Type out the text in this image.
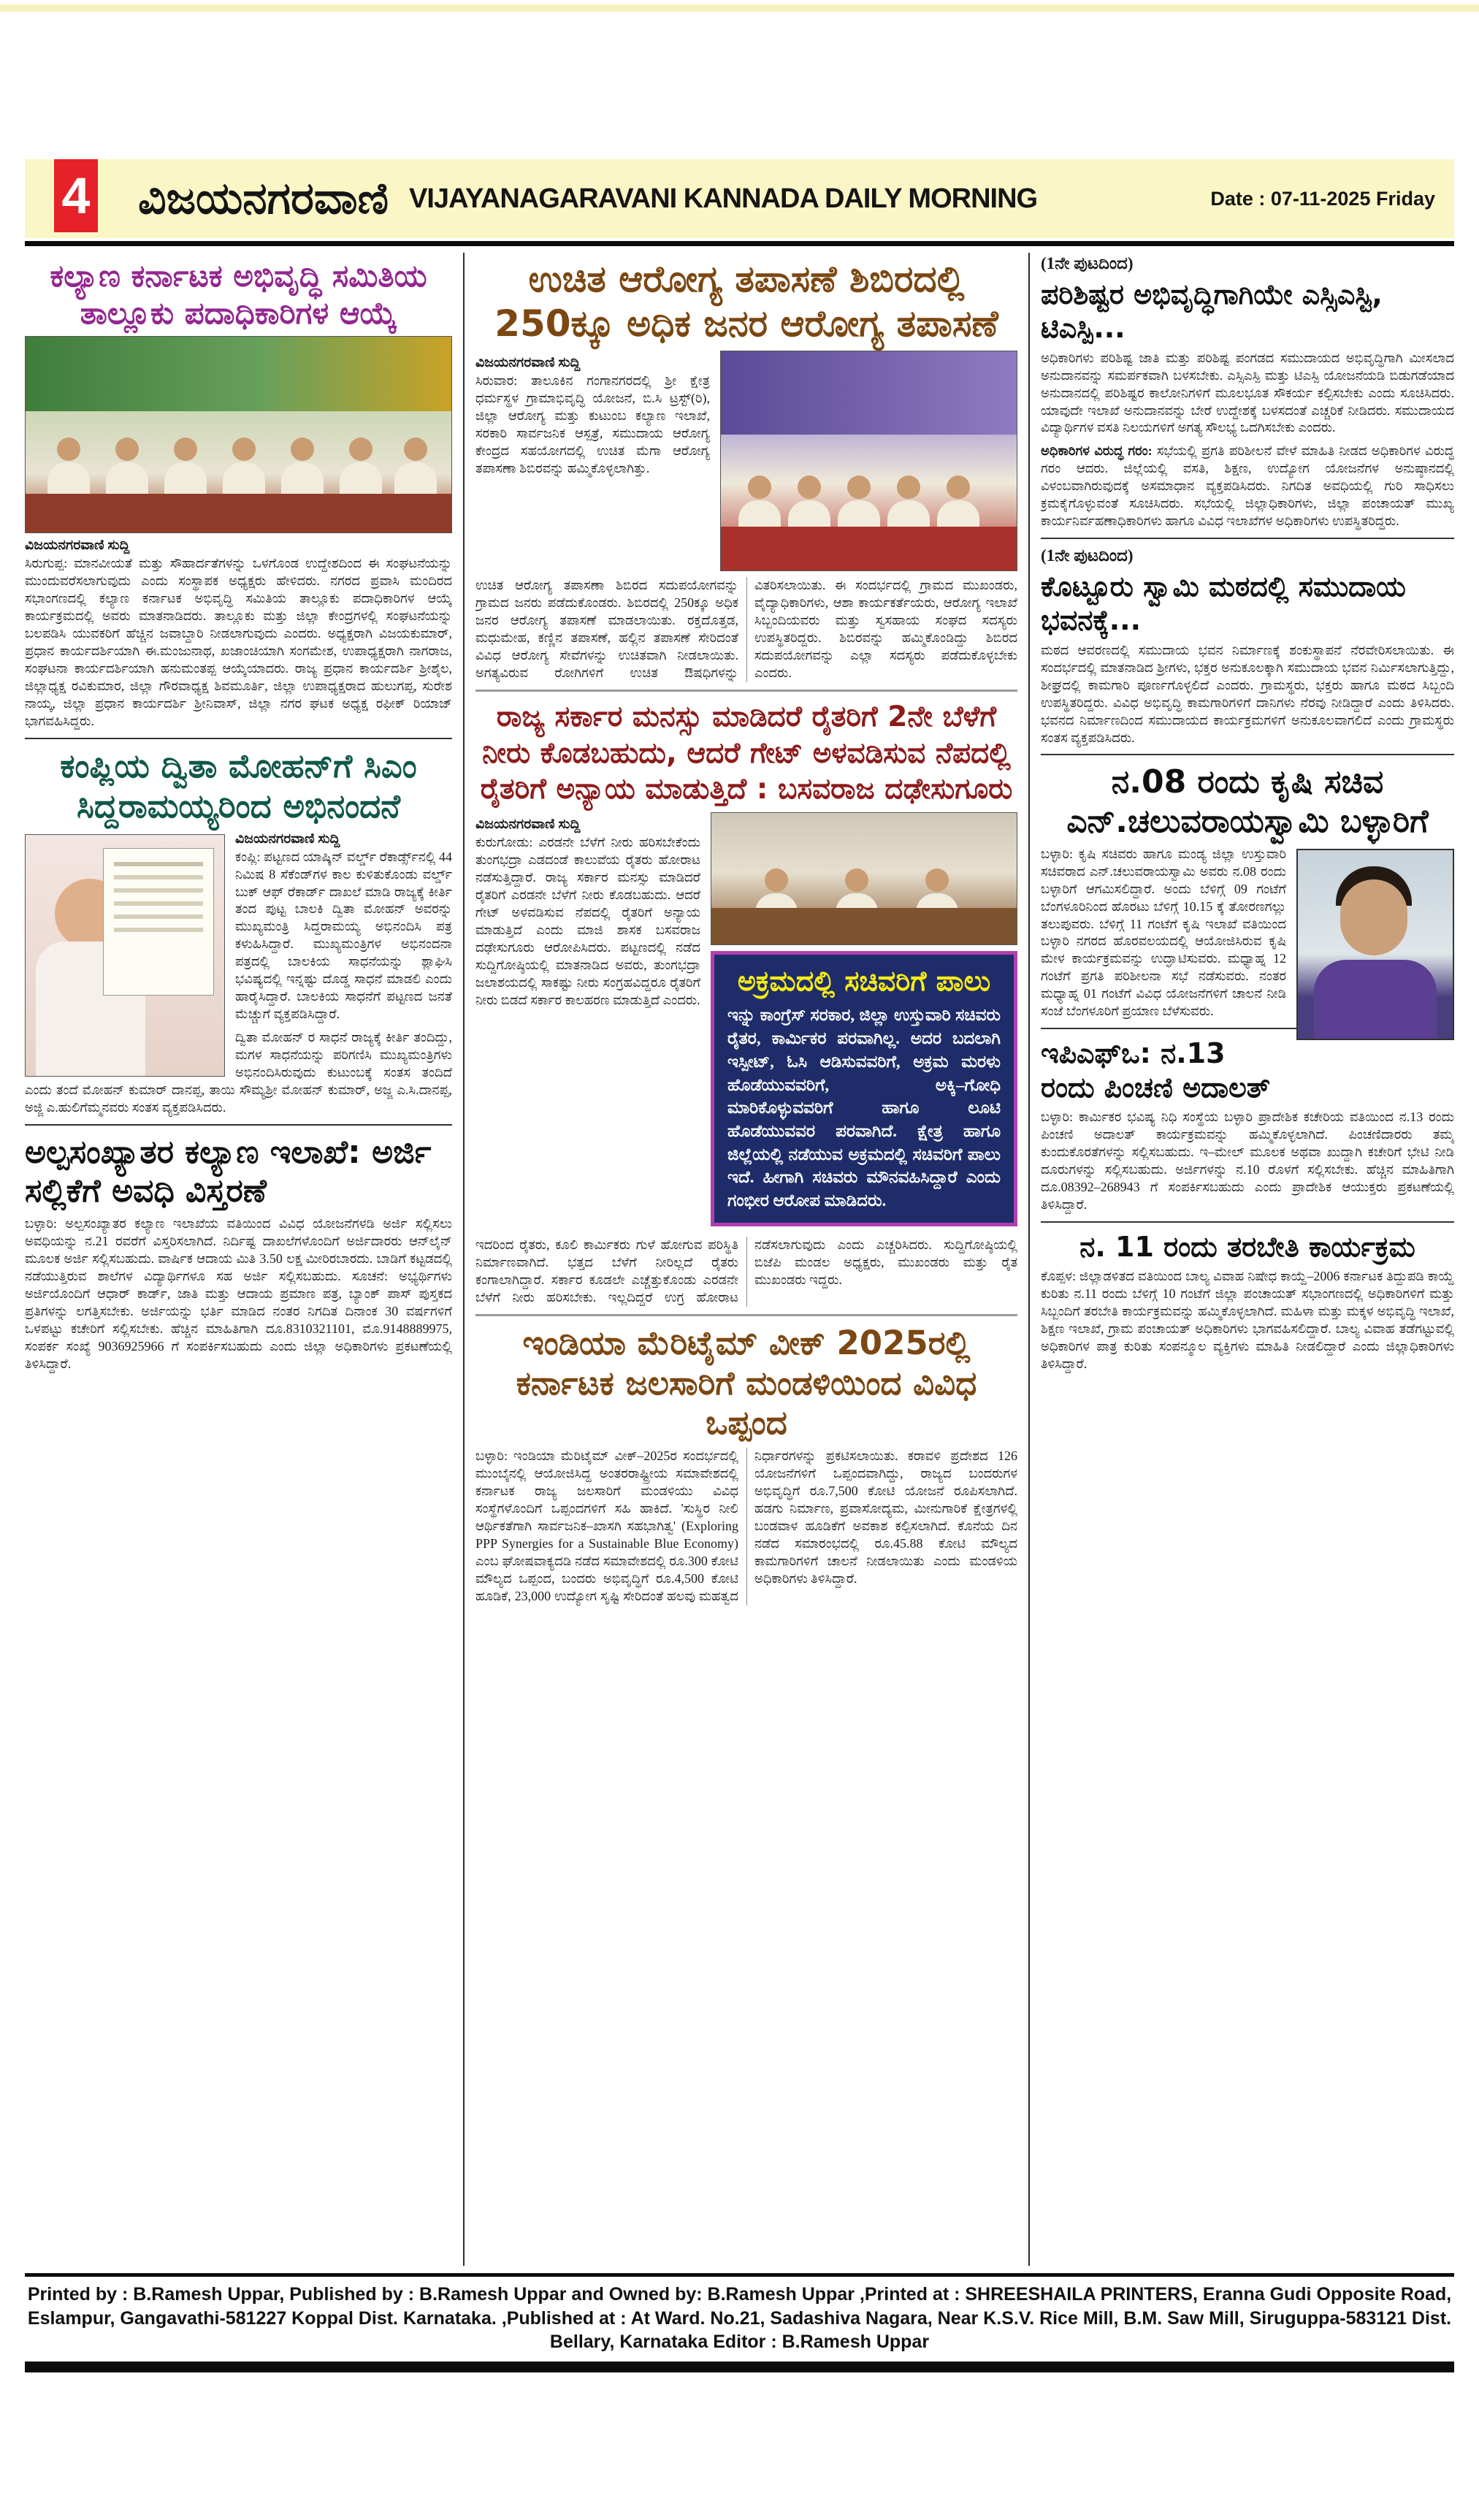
4 ವಿಜಯನಗರವಾಣಿ VIJAYANAGARAVANI KANNADA DAILY MORNING	Date : 07-11-2025 Friday
ಕಲ್ಯಾಣ ಕರ್ನಾಟಕ ಅಭಿವೃದ್ಧಿ ಸಮಿತಿಯ ತಾಲ್ಲೂಕು ಪದಾಧಿಕಾರಿಗಳ ಆಯ್ಕೆ
ವಿಜಯನಗರವಾಣಿ ಸುದ್ದಿ
ಸಿರುಗುಪ್ಪ: ಮಾನವೀಯತೆ ಮತ್ತು ಸೌಹಾರ್ದತೆಗಳನ್ನು ಒಳಗೊಂಡ ಉದ್ದೇಶದಿಂದ ಈ ಸಂಘಟನೆಯನ್ನು ಮುಂದುವರೆಸಲಾಗುವುದು ಎಂದು ಸಂಸ್ಥಾಪಕ ಅಧ್ಯಕ್ಷರು ಹೇಳಿದರು. ನಗರದ ಪ್ರವಾಸಿ ಮಂದಿರದ ಸಭಾಂಗಣದಲ್ಲಿ ಕಲ್ಯಾಣ ಕರ್ನಾಟಕ ಅಭಿವೃದ್ಧಿ ಸಮಿತಿಯ ತಾಲ್ಲೂಕು ಪದಾಧಿಕಾರಿಗಳ ಆಯ್ಕೆ ಕಾರ್ಯಕ್ರಮದಲ್ಲಿ ಅವರು ಮಾತನಾಡಿದರು. ತಾಲ್ಲೂಕು ಮತ್ತು ಜಿಲ್ಲಾ ಕೇಂದ್ರಗಳಲ್ಲಿ ಸಂಘಟನೆಯನ್ನು ಬಲಪಡಿಸಿ ಯುವಕರಿಗೆ ಹೆಚ್ಚಿನ ಜವಾಬ್ದಾರಿ ನೀಡಲಾಗುವುದು ಎಂದರು. ಅಧ್ಯಕ್ಷರಾಗಿ ವಿಜಯಕುಮಾರ್, ಪ್ರಧಾನ ಕಾರ್ಯದರ್ಶಿಯಾಗಿ ಈ.ಮಂಜುನಾಥ, ಖಜಾಂಚಿಯಾಗಿ ಸಂಗಮೇಶ, ಉಪಾಧ್ಯಕ್ಷರಾಗಿ ನಾಗರಾಜ, ಸಂಘಟನಾ ಕಾರ್ಯದರ್ಶಿಯಾಗಿ ಹನುಮಂತಪ್ಪ ಆಯ್ಕೆಯಾದರು. ರಾಜ್ಯ ಪ್ರಧಾನ ಕಾರ್ಯದರ್ಶಿ ಶ್ರೀಶೈಲ, ಜಿಲ್ಲಾಧ್ಯಕ್ಷ ರವಿಕುಮಾರ, ಜಿಲ್ಲಾ ಗೌರವಾಧ್ಯಕ್ಷ ಶಿವಮೂರ್ತಿ, ಜಿಲ್ಲಾ ಉಪಾಧ್ಯಕ್ಷರಾದ ಹುಲುಗಪ್ಪ, ಸುರೇಶ ನಾಯ್ಕ, ಜಿಲ್ಲಾ ಪ್ರಧಾನ ಕಾರ್ಯದರ್ಶಿ ಶ್ರೀನಿವಾಸ್, ಜಿಲ್ಲಾ ನಗರ ಘಟಕ ಅಧ್ಯಕ್ಷ ರಫೀಕ್ ರಿಯಾಜ್ ಭಾಗವಹಿಸಿದ್ದರು.
ಕಂಪ್ಲಿಯ ದ್ವಿತಾ ಮೋಹನ್‌ಗೆ ಸಿಎಂ ಸಿದ್ದರಾಮಯ್ಯರಿಂದ ಅಭಿನಂದನೆ
ವಿಜಯನಗರವಾಣಿ ಸುದ್ದಿ
ಕಂಪ್ಲಿ: ಪಟ್ಟಣದ ಯಾಷ್ಕಿನ್ ವರ್ಲ್ಡ್ ರೆಕಾರ್ಡ್ಸ್‌ನಲ್ಲಿ 44 ನಿಮಿಷ 8 ಸೆಕೆಂಡ್‌ಗಳ ಕಾಲ ಕುಳಿತುಕೊಂಡು ವರ್ಲ್ಡ್ ಬುಕ್ ಆಫ್ ರೆಕಾರ್ಡ್ ದಾಖಲೆ ಮಾಡಿ ರಾಜ್ಯಕ್ಕೆ ಕೀರ್ತಿ ತಂದ ಪುಟ್ಟ ಬಾಲಕಿ ದ್ವಿತಾ ಮೋಹನ್ ಅವರನ್ನು ಮುಖ್ಯಮಂತ್ರಿ ಸಿದ್ದರಾಮಯ್ಯ ಅಭಿನಂದಿಸಿ ಪತ್ರ ಕಳುಹಿಸಿದ್ದಾರೆ. ಮುಖ್ಯಮಂತ್ರಿಗಳ ಅಭಿನಂದನಾ ಪತ್ರದಲ್ಲಿ ಬಾಲಕಿಯ ಸಾಧನೆಯನ್ನು ಶ್ಲಾಘಿಸಿ ಭವಿಷ್ಯದಲ್ಲಿ ಇನ್ನಷ್ಟು ದೊಡ್ಡ ಸಾಧನೆ ಮಾಡಲಿ ಎಂದು ಹಾರೈಸಿದ್ದಾರೆ. ಬಾಲಕಿಯ ಸಾಧನೆಗೆ ಪಟ್ಟಣದ ಜನತೆ ಮೆಚ್ಚುಗೆ ವ್ಯಕ್ತಪಡಿಸಿದ್ದಾರೆ.
ದ್ವಿತಾ ಮೋಹನ್ ರ ಸಾಧನೆ ರಾಜ್ಯಕ್ಕೆ ಕೀರ್ತಿ ತಂದಿದ್ದು, ಮಗಳ ಸಾಧನೆಯನ್ನು ಪರಿಗಣಿಸಿ ಮುಖ್ಯಮಂತ್ರಿಗಳು ಅಭಿನಂದಿಸಿರುವುದು ಕುಟುಂಬಕ್ಕೆ ಸಂತಸ ತಂದಿದೆ ಎಂದು ತಂದೆ ಮೋಹನ್ ಕುಮಾರ್ ದಾನಪ್ಪ, ತಾಯಿ ಸೌಮ್ಯಶ್ರೀ ಮೋಹನ್ ಕುಮಾರ್, ಅಜ್ಜ ಎ.ಸಿ.ದಾನಪ್ಪ, ಅಜ್ಜಿ ಎ.ಹುಲಿಗೆಮ್ಮನವರು ಸಂತಸ ವ್ಯಕ್ತಪಡಿಸಿದರು.
ಅಲ್ಪಸಂಖ್ಯಾತರ ಕಲ್ಯಾಣ ಇಲಾಖೆ: ಅರ್ಜಿ ಸಲ್ಲಿಕೆಗೆ ಅವಧಿ ವಿಸ್ತರಣೆ
ಬಳ್ಳಾರಿ: ಅಲ್ಪಸಂಖ್ಯಾತರ ಕಲ್ಯಾಣ ಇಲಾಖೆಯ ವತಿಯಿಂದ ವಿವಿಧ ಯೋಜನೆಗಳಡಿ ಅರ್ಜಿ ಸಲ್ಲಿಸಲು ಅವಧಿಯನ್ನು ನ.21 ರವರೆಗೆ ವಿಸ್ತರಿಸಲಾಗಿದೆ. ನಿರ್ದಿಷ್ಟ ದಾಖಲೆಗಳೊಂದಿಗೆ ಅರ್ಜಿದಾರರು ಆನ್‌ಲೈನ್ ಮೂಲಕ ಅರ್ಜಿ ಸಲ್ಲಿಸಬಹುದು. ವಾರ್ಷಿಕ ಆದಾಯ ಮಿತಿ 3.50 ಲಕ್ಷ ಮೀರಿರಬಾರದು. ಬಾಡಿಗೆ ಕಟ್ಟಡದಲ್ಲಿ ನಡೆಯುತ್ತಿರುವ ಶಾಲೆಗಳ ವಿದ್ಯಾರ್ಥಿಗಳೂ ಸಹ ಅರ್ಜಿ ಸಲ್ಲಿಸಬಹುದು. ಸೂಚನೆ: ಅಭ್ಯರ್ಥಿಗಳು ಅರ್ಜಿಯೊಂದಿಗೆ ಆಧಾರ್ ಕಾರ್ಡ್, ಜಾತಿ ಮತ್ತು ಆದಾಯ ಪ್ರಮಾಣ ಪತ್ರ, ಬ್ಯಾಂಕ್ ಪಾಸ್ ಪುಸ್ತಕದ ಪ್ರತಿಗಳನ್ನು ಲಗತ್ತಿಸಬೇಕು. ಅರ್ಜಿಯನ್ನು ಭರ್ತಿ ಮಾಡಿದ ನಂತರ ನಿಗದಿತ ದಿನಾಂಕ 30 ವರ್ಷಗಳಿಗೆ ಒಳಪಟ್ಟು ಕಚೇರಿಗೆ ಸಲ್ಲಿಸಬೇಕು. ಹೆಚ್ಚಿನ ಮಾಹಿತಿಗಾಗಿ ದೂ.8310321101, ಮೊ.9148889975, ಸಂಪರ್ಕ ಸಂಖ್ಯೆ 9036925966 ಗೆ ಸಂಪರ್ಕಿಸಬಹುದು ಎಂದು ಜಿಲ್ಲಾ ಅಧಿಕಾರಿಗಳು ಪ್ರಕಟಣೆಯಲ್ಲಿ ತಿಳಿಸಿದ್ದಾರೆ.
ಉಚಿತ ಆರೋಗ್ಯ ತಪಾಸಣೆ ಶಿಬಿರದಲ್ಲಿ 250ಕ್ಕೂ ಅಧಿಕ ಜನರ ಆರೋಗ್ಯ ತಪಾಸಣೆ
ವಿಜಯನಗರವಾಣಿ ಸುದ್ದಿ
ಸಿರುವಾರ: ತಾಲೂಕಿನ ಗಂಗಾನಗರದಲ್ಲಿ ಶ್ರೀ ಕ್ಷೇತ್ರ ಧರ್ಮಸ್ಥಳ ಗ್ರಾಮಾಭಿವೃದ್ಧಿ ಯೋಜನೆ, ಬಿ.ಸಿ ಟ್ರಸ್ಟ್(ರಿ), ಜಿಲ್ಲಾ ಆರೋಗ್ಯ ಮತ್ತು ಕುಟುಂಬ ಕಲ್ಯಾಣ ಇಲಾಖೆ, ಸರಕಾರಿ ಸಾರ್ವಜನಿಕ ಆಸ್ಪತ್ರೆ, ಸಮುದಾಯ ಆರೋಗ್ಯ ಕೇಂದ್ರದ ಸಹಯೋಗದಲ್ಲಿ ಉಚಿತ ಮೆಗಾ ಆರೋಗ್ಯ ತಪಾಸಣಾ ಶಿಬಿರವನ್ನು ಹಮ್ಮಿಕೊಳ್ಳಲಾಗಿತ್ತು.
ಉಚಿತ ಆರೋಗ್ಯ ತಪಾಸಣಾ ಶಿಬಿರದ ಸದುಪಯೋಗವನ್ನು ಗ್ರಾಮದ ಜನರು ಪಡೆದುಕೊಂಡರು. ಶಿಬಿರದಲ್ಲಿ 250ಕ್ಕೂ ಅಧಿಕ ಜನರ ಆರೋಗ್ಯ ತಪಾಸಣೆ ಮಾಡಲಾಯಿತು. ರಕ್ತದೊತ್ತಡ, ಮಧುಮೇಹ, ಕಣ್ಣಿನ ತಪಾಸಣೆ, ಹಲ್ಲಿನ ತಪಾಸಣೆ ಸೇರಿದಂತೆ ವಿವಿಧ ಆರೋಗ್ಯ ಸೇವೆಗಳನ್ನು ಉಚಿತವಾಗಿ ನೀಡಲಾಯಿತು. ಅಗತ್ಯವಿರುವ ರೋಗಿಗಳಿಗೆ ಉಚಿತ ಔಷಧಿಗಳನ್ನು ವಿತರಿಸಲಾಯಿತು. ಈ ಸಂದರ್ಭದಲ್ಲಿ ಗ್ರಾಮದ ಮುಖಂಡರು, ವೈದ್ಯಾಧಿಕಾರಿಗಳು, ಆಶಾ ಕಾರ್ಯಕರ್ತೆಯರು, ಆರೋಗ್ಯ ಇಲಾಖೆ ಸಿಬ್ಬಂದಿಯವರು ಮತ್ತು ಸ್ವಸಹಾಯ ಸಂಘದ ಸದಸ್ಯರು ಉಪಸ್ಥಿತರಿದ್ದರು. ಶಿಬಿರವನ್ನು ಹಮ್ಮಿಕೊಂಡಿದ್ದು ಶಿಬಿರದ ಸದುಪಯೋಗವನ್ನು ಎಲ್ಲಾ ಸದಸ್ಯರು ಪಡೆದುಕೊಳ್ಳಬೇಕು ಎಂದರು.
ರಾಜ್ಯ ಸರ್ಕಾರ ಮನಸ್ಸು ಮಾಡಿದರೆ ರೈತರಿಗೆ 2ನೇ ಬೆಳೆಗೆ ನೀರು ಕೊಡಬಹುದು, ಆದರೆ ಗೇಟ್ ಅಳವಡಿಸುವ ನೆಪದಲ್ಲಿ ರೈತರಿಗೆ ಅನ್ಯಾಯ ಮಾಡುತ್ತಿದೆ : ಬಸವರಾಜ ದಢೇಸುಗೂರು
ವಿಜಯನಗರವಾಣಿ ಸುದ್ದಿ
ಕುರುಗೋಡು: ಎರಡನೇ ಬೆಳೆಗೆ ನೀರು ಹರಿಸಬೇಕೆಂದು ತುಂಗಭದ್ರಾ ಎಡದಂಡೆ ಕಾಲುವೆಯ ರೈತರು ಹೋರಾಟ ನಡೆಸುತ್ತಿದ್ದಾರೆ. ರಾಜ್ಯ ಸರ್ಕಾರ ಮನಸ್ಸು ಮಾಡಿದರೆ ರೈತರಿಗೆ ಎರಡನೇ ಬೆಳೆಗೆ ನೀರು ಕೊಡಬಹುದು. ಆದರೆ ಗೇಟ್ ಅಳವಡಿಸುವ ನೆಪದಲ್ಲಿ ರೈತರಿಗೆ ಅನ್ಯಾಯ ಮಾಡುತ್ತಿದೆ ಎಂದು ಮಾಜಿ ಶಾಸಕ ಬಸವರಾಜ ದಢೇಸುಗೂರು ಆರೋಪಿಸಿದರು. ಪಟ್ಟಣದಲ್ಲಿ ನಡೆದ ಸುದ್ದಿಗೋಷ್ಠಿಯಲ್ಲಿ ಮಾತನಾಡಿದ ಅವರು, ತುಂಗಭದ್ರಾ ಜಲಾಶಯದಲ್ಲಿ ಸಾಕಷ್ಟು ನೀರು ಸಂಗ್ರಹವಿದ್ದರೂ ರೈತರಿಗೆ ನೀರು ಬಿಡದೆ ಸರ್ಕಾರ ಕಾಲಹರಣ ಮಾಡುತ್ತಿದೆ ಎಂದರು.
ಅಕ್ರಮದಲ್ಲಿ ಸಚಿವರಿಗೆ ಪಾಲು
ಇನ್ನು ಕಾಂಗ್ರೆಸ್ ಸರಕಾರ, ಜಿಲ್ಲಾ ಉಸ್ತುವಾರಿ ಸಚಿವರು ರೈತರ, ಕಾರ್ಮಿಕರ ಪರವಾಗಿಲ್ಲ. ಅದರ ಬದಲಾಗಿ ಇಸ್ಪೀಟ್, ಓಸಿ ಆಡಿಸುವವರಿಗೆ, ಅಕ್ರಮ ಮರಳು ಹೊಡೆಯುವವರಿಗೆ, ಅಕ್ಕಿ–ಗೋಧಿ ಮಾರಿಕೊಳ್ಳುವವರಿಗೆ ಹಾಗೂ ಲೂಟಿ ಹೊಡೆಯುವವರ ಪರವಾಗಿದೆ. ಕ್ಷೇತ್ರ ಹಾಗೂ ಜಿಲ್ಲೆಯಲ್ಲಿ ನಡೆಯುವ ಅಕ್ರಮದಲ್ಲಿ ಸಚಿವರಿಗೆ ಪಾಲು ಇದೆ. ಹೀಗಾಗಿ ಸಚಿವರು ಮೌನವಹಿಸಿದ್ದಾರೆ ಎಂದು ಗಂಭೀರ ಆರೋಪ ಮಾಡಿದರು.
ಇದರಿಂದ ರೈತರು, ಕೂಲಿ ಕಾರ್ಮಿಕರು ಗುಳೆ ಹೋಗುವ ಪರಿಸ್ಥಿತಿ ನಿರ್ಮಾಣವಾಗಿದೆ. ಭತ್ತದ ಬೆಳೆಗೆ ನೀರಿಲ್ಲದೆ ರೈತರು ಕಂಗಾಲಾಗಿದ್ದಾರೆ. ಸರ್ಕಾರ ಕೂಡಲೇ ಎಚ್ಚೆತ್ತುಕೊಂಡು ಎರಡನೇ ಬೆಳೆಗೆ ನೀರು ಹರಿಸಬೇಕು. ಇಲ್ಲದಿದ್ದರೆ ಉಗ್ರ ಹೋರಾಟ ನಡೆಸಲಾಗುವುದು ಎಂದು ಎಚ್ಚರಿಸಿದರು. ಸುದ್ದಿಗೋಷ್ಠಿಯಲ್ಲಿ ಬಿಜೆಪಿ ಮಂಡಲ ಅಧ್ಯಕ್ಷರು, ಮುಖಂಡರು ಮತ್ತು ರೈತ ಮುಖಂಡರು ಇದ್ದರು.
ಇಂಡಿಯಾ ಮೆರಿಟೈಮ್ ವೀಕ್ 2025ರಲ್ಲಿ ಕರ್ನಾಟಕ ಜಲಸಾರಿಗೆ ಮಂಡಳಿಯಿಂದ ವಿವಿಧ ಒಪ್ಪಂದ
ಬಳ್ಳಾರಿ: ಇಂಡಿಯಾ ಮೆರಿಟೈಮ್ ವೀಕ್–2025ರ ಸಂದರ್ಭದಲ್ಲಿ ಮುಂಬೈನಲ್ಲಿ ಆಯೋಜಿಸಿದ್ದ ಅಂತರರಾಷ್ಟ್ರೀಯ ಸಮಾವೇಶದಲ್ಲಿ ಕರ್ನಾಟಕ ರಾಜ್ಯ ಜಲಸಾರಿಗೆ ಮಂಡಳಿಯು ವಿವಿಧ ಸಂಸ್ಥೆಗಳೊಂದಿಗೆ ಒಪ್ಪಂದಗಳಿಗೆ ಸಹಿ ಹಾಕಿದೆ. 'ಸುಸ್ಥಿರ ನೀಲಿ ಆರ್ಥಿಕತೆಗಾಗಿ ಸಾರ್ವಜನಿಕ–ಖಾಸಗಿ ಸಹಭಾಗಿತ್ವ' (Exploring PPP Synergies for a Sustainable Blue Economy) ಎಂಬ ಘೋಷವಾಕ್ಯದಡಿ ನಡೆದ ಸಮಾವೇಶದಲ್ಲಿ ರೂ.300 ಕೋಟಿ ಮೌಲ್ಯದ ಒಪ್ಪಂದ, ಬಂದರು ಅಭಿವೃದ್ಧಿಗೆ ರೂ.4,500 ಕೋಟಿ ಹೂಡಿಕೆ, 23,000 ಉದ್ಯೋಗ ಸೃಷ್ಟಿ ಸೇರಿದಂತೆ ಹಲವು ಮಹತ್ವದ ನಿರ್ಧಾರಗಳನ್ನು ಪ್ರಕಟಿಸಲಾಯಿತು. ಕರಾವಳಿ ಪ್ರದೇಶದ 126 ಯೋಜನೆಗಳಿಗೆ ಒಪ್ಪಂದವಾಗಿದ್ದು, ರಾಜ್ಯದ ಬಂದರುಗಳ ಅಭಿವೃದ್ಧಿಗೆ ರೂ.7,500 ಕೋಟಿ ಯೋಜನೆ ರೂಪಿಸಲಾಗಿದೆ. ಹಡಗು ನಿರ್ಮಾಣ, ಪ್ರವಾಸೋದ್ಯಮ, ಮೀನುಗಾರಿಕೆ ಕ್ಷೇತ್ರಗಳಲ್ಲಿ ಬಂಡವಾಳ ಹೂಡಿಕೆಗೆ ಅವಕಾಶ ಕಲ್ಪಿಸಲಾಗಿದೆ. ಕೊನೆಯ ದಿನ ನಡೆದ ಸಮಾರಂಭದಲ್ಲಿ ರೂ.45.88 ಕೋಟಿ ಮೌಲ್ಯದ ಕಾಮಗಾರಿಗಳಿಗೆ ಚಾಲನೆ ನೀಡಲಾಯಿತು ಎಂದು ಮಂಡಳಿಯ ಅಧಿಕಾರಿಗಳು ತಿಳಿಸಿದ್ದಾರೆ.
(1ನೇ ಪುಟದಿಂದ)
ಪರಿಶಿಷ್ಟರ ಅಭಿವೃದ್ಧಿಗಾಗಿಯೇ ಎಸ್ಸಿಎಸ್ಟಿ, ಟಿಎಸ್ಪಿ...
ಅಧಿಕಾರಿಗಳು ಪರಿಶಿಷ್ಟ ಜಾತಿ ಮತ್ತು ಪರಿಶಿಷ್ಟ ಪಂಗಡದ ಸಮುದಾಯದ ಅಭಿವೃದ್ಧಿಗಾಗಿ ಮೀಸಲಾದ ಅನುದಾನವನ್ನು ಸಮರ್ಪಕವಾಗಿ ಬಳಸಬೇಕು. ಎಸ್ಸಿಎಸ್ಪಿ ಮತ್ತು ಟಿಎಸ್ಪಿ ಯೋಜನೆಯಡಿ ಬಿಡುಗಡೆಯಾದ ಅನುದಾನದಲ್ಲಿ ಪರಿಶಿಷ್ಟರ ಕಾಲೋನಿಗಳಿಗೆ ಮೂಲಭೂತ ಸೌಕರ್ಯ ಕಲ್ಪಿಸಬೇಕು ಎಂದು ಸೂಚಿಸಿದರು. ಯಾವುದೇ ಇಲಾಖೆ ಅನುದಾನವನ್ನು ಬೇರೆ ಉದ್ದೇಶಕ್ಕೆ ಬಳಸದಂತೆ ಎಚ್ಚರಿಕೆ ನೀಡಿದರು. ಸಮುದಾಯದ ವಿದ್ಯಾರ್ಥಿಗಳ ವಸತಿ ನಿಲಯಗಳಿಗೆ ಅಗತ್ಯ ಸೌಲಭ್ಯ ಒದಗಿಸಬೇಕು ಎಂದರು.
ಅಧಿಕಾರಿಗಳ ವಿರುದ್ಧ ಗರಂ: ಸಭೆಯಲ್ಲಿ ಪ್ರಗತಿ ಪರಿಶೀಲನೆ ವೇಳೆ ಮಾಹಿತಿ ನೀಡದ ಅಧಿಕಾರಿಗಳ ವಿರುದ್ಧ ಗರಂ ಆದರು. ಜಿಲ್ಲೆಯಲ್ಲಿ ವಸತಿ, ಶಿಕ್ಷಣ, ಉದ್ಯೋಗ ಯೋಜನೆಗಳ ಅನುಷ್ಠಾನದಲ್ಲಿ ವಿಳಂಬವಾಗಿರುವುದಕ್ಕೆ ಅಸಮಾಧಾನ ವ್ಯಕ್ತಪಡಿಸಿದರು. ನಿಗದಿತ ಅವಧಿಯಲ್ಲಿ ಗುರಿ ಸಾಧಿಸಲು ಕ್ರಮಕೈಗೊಳ್ಳುವಂತೆ ಸೂಚಿಸಿದರು. ಸಭೆಯಲ್ಲಿ ಜಿಲ್ಲಾಧಿಕಾರಿಗಳು, ಜಿಲ್ಲಾ ಪಂಚಾಯತ್ ಮುಖ್ಯ ಕಾರ್ಯನಿರ್ವಹಣಾಧಿಕಾರಿಗಳು ಹಾಗೂ ವಿವಿಧ ಇಲಾಖೆಗಳ ಅಧಿಕಾರಿಗಳು ಉಪಸ್ಥಿತರಿದ್ದರು.
(1ನೇ ಪುಟದಿಂದ)
ಕೊಟ್ಟೂರು ಸ್ವಾಮಿ ಮಠದಲ್ಲಿ ಸಮುದಾಯ ಭವನಕ್ಕೆ...
ಮಠದ ಆವರಣದಲ್ಲಿ ಸಮುದಾಯ ಭವನ ನಿರ್ಮಾಣಕ್ಕೆ ಶಂಕುಸ್ಥಾಪನೆ ನೆರವೇರಿಸಲಾಯಿತು. ಈ ಸಂದರ್ಭದಲ್ಲಿ ಮಾತನಾಡಿದ ಶ್ರೀಗಳು, ಭಕ್ತರ ಅನುಕೂಲಕ್ಕಾಗಿ ಸಮುದಾಯ ಭವನ ನಿರ್ಮಿಸಲಾಗುತ್ತಿದ್ದು, ಶೀಘ್ರದಲ್ಲಿ ಕಾಮಗಾರಿ ಪೂರ್ಣಗೊಳ್ಳಲಿದೆ ಎಂದರು. ಗ್ರಾಮಸ್ಥರು, ಭಕ್ತರು ಹಾಗೂ ಮಠದ ಸಿಬ್ಬಂದಿ ಉಪಸ್ಥಿತರಿದ್ದರು. ವಿವಿಧ ಅಭಿವೃದ್ಧಿ ಕಾಮಗಾರಿಗಳಿಗೆ ದಾನಿಗಳು ನೆರವು ನೀಡಿದ್ದಾರೆ ಎಂದು ತಿಳಿಸಿದರು. ಭವನದ ನಿರ್ಮಾಣದಿಂದ ಸಮುದಾಯದ ಕಾರ್ಯಕ್ರಮಗಳಿಗೆ ಅನುಕೂಲವಾಗಲಿದೆ ಎಂದು ಗ್ರಾಮಸ್ಥರು ಸಂತಸ ವ್ಯಕ್ತಪಡಿಸಿದರು.
ನ.08 ರಂದು ಕೃಷಿ ಸಚಿವ ಎನ್.ಚಲುವರಾಯಸ್ವಾಮಿ ಬಳ್ಳಾರಿಗೆ
ಬಳ್ಳಾರಿ: ಕೃಷಿ ಸಚಿವರು ಹಾಗೂ ಮಂಡ್ಯ ಜಿಲ್ಲಾ ಉಸ್ತುವಾರಿ ಸಚಿವರಾದ ಎನ್.ಚಲುವರಾಯಸ್ವಾಮಿ ಅವರು ನ.08 ರಂದು ಬಳ್ಳಾರಿಗೆ ಆಗಮಿಸಲಿದ್ದಾರೆ. ಅಂದು ಬೆಳಿಗ್ಗೆ 09 ಗಂಟೆಗೆ ಬೆಂಗಳೂರಿನಿಂದ ಹೊರಟು ಬೆಳಿಗ್ಗೆ 10.15 ಕ್ಕೆ ತೋರಣಗಲ್ಲು ತಲುಪುವರು. ಬೆಳಿಗ್ಗೆ 11 ಗಂಟೆಗೆ ಕೃಷಿ ಇಲಾಖೆ ವತಿಯಿಂದ ಬಳ್ಳಾರಿ ನಗರದ ಹೊರವಲಯದಲ್ಲಿ ಆಯೋಜಿಸಿರುವ ಕೃಷಿ ಮೇಳ ಕಾರ್ಯಕ್ರಮವನ್ನು ಉದ್ಘಾಟಿಸುವರು. ಮಧ್ಯಾಹ್ನ 12 ಗಂಟೆಗೆ ಪ್ರಗತಿ ಪರಿಶೀಲನಾ ಸಭೆ ನಡೆಸುವರು. ನಂತರ ಮಧ್ಯಾಹ್ನ 01 ಗಂಟೆಗೆ ವಿವಿಧ ಯೋಜನೆಗಳಿಗೆ ಚಾಲನೆ ನೀಡಿ ಸಂಜೆ ಬೆಂಗಳೂರಿಗೆ ಪ್ರಯಾಣ ಬೆಳೆಸುವರು.
ಇಪಿಎಫ್ಒ: ನ.13 ರಂದು ಪಿಂಚಣಿ ಅದಾಲತ್
ಬಳ್ಳಾರಿ: ಕಾರ್ಮಿಕರ ಭವಿಷ್ಯ ನಿಧಿ ಸಂಸ್ಥೆಯ ಬಳ್ಳಾರಿ ಪ್ರಾದೇಶಿಕ ಕಚೇರಿಯ ವತಿಯಿಂದ ನ.13 ರಂದು ಪಿಂಚಣಿ ಅದಾಲತ್ ಕಾರ್ಯಕ್ರಮವನ್ನು ಹಮ್ಮಿಕೊಳ್ಳಲಾಗಿದೆ. ಪಿಂಚಣಿದಾರರು ತಮ್ಮ ಕುಂದುಕೊರತೆಗಳನ್ನು ಸಲ್ಲಿಸಬಹುದು. ಇ–ಮೇಲ್ ಮೂಲಕ ಅಥವಾ ಖುದ್ದಾಗಿ ಕಚೇರಿಗೆ ಭೇಟಿ ನೀಡಿ ದೂರುಗಳನ್ನು ಸಲ್ಲಿಸಬಹುದು. ಅರ್ಜಿಗಳನ್ನು ನ.10 ರೊಳಗೆ ಸಲ್ಲಿಸಬೇಕು. ಹೆಚ್ಚಿನ ಮಾಹಿತಿಗಾಗಿ ದೂ.08392–268943 ಗೆ ಸಂಪರ್ಕಿಸಬಹುದು ಎಂದು ಪ್ರಾದೇಶಿಕ ಆಯುಕ್ತರು ಪ್ರಕಟಣೆಯಲ್ಲಿ ತಿಳಿಸಿದ್ದಾರೆ.
ನ. 11 ರಂದು ತರಬೇತಿ ಕಾರ್ಯಕ್ರಮ
ಕೊಪ್ಪಳ: ಜಿಲ್ಲಾಡಳಿತದ ವತಿಯಿಂದ ಬಾಲ್ಯ ವಿವಾಹ ನಿಷೇಧ ಕಾಯ್ದೆ–2006 ಕರ್ನಾಟಕ ತಿದ್ದುಪಡಿ ಕಾಯ್ದೆ ಕುರಿತು ನ.11 ರಂದು ಬೆಳಿಗ್ಗೆ 10 ಗಂಟೆಗೆ ಜಿಲ್ಲಾ ಪಂಚಾಯತ್ ಸಭಾಂಗಣದಲ್ಲಿ ಅಧಿಕಾರಿಗಳಿಗೆ ಮತ್ತು ಸಿಬ್ಬಂದಿಗೆ ತರಬೇತಿ ಕಾರ್ಯಕ್ರಮವನ್ನು ಹಮ್ಮಿಕೊಳ್ಳಲಾಗಿದೆ. ಮಹಿಳಾ ಮತ್ತು ಮಕ್ಕಳ ಅಭಿವೃದ್ಧಿ ಇಲಾಖೆ, ಶಿಕ್ಷಣ ಇಲಾಖೆ, ಗ್ರಾಮ ಪಂಚಾಯತ್ ಅಧಿಕಾರಿಗಳು ಭಾಗವಹಿಸಲಿದ್ದಾರೆ. ಬಾಲ್ಯ ವಿವಾಹ ತಡೆಗಟ್ಟುವಲ್ಲಿ ಅಧಿಕಾರಿಗಳ ಪಾತ್ರ ಕುರಿತು ಸಂಪನ್ಮೂಲ ವ್ಯಕ್ತಿಗಳು ಮಾಹಿತಿ ನೀಡಲಿದ್ದಾರೆ ಎಂದು ಜಿಲ್ಲಾಧಿಕಾರಿಗಳು ತಿಳಿಸಿದ್ದಾರೆ.
Printed by : B.Ramesh Uppar, Published by : B.Ramesh Uppar and Owned by: B.Ramesh Uppar ,Printed at : SHREESHAILA PRINTERS, Eranna Gudi Opposite Road,
Eslampur, Gangavathi-581227 Koppal Dist. Karnataka. ,Published at : At Ward. No.21, Sadashiva Nagara, Near K.S.V. Rice Mill, B.M. Saw Mill, Siruguppa-583121 Dist.
Bellary, Karnataka Editor : B.Ramesh Uppar
